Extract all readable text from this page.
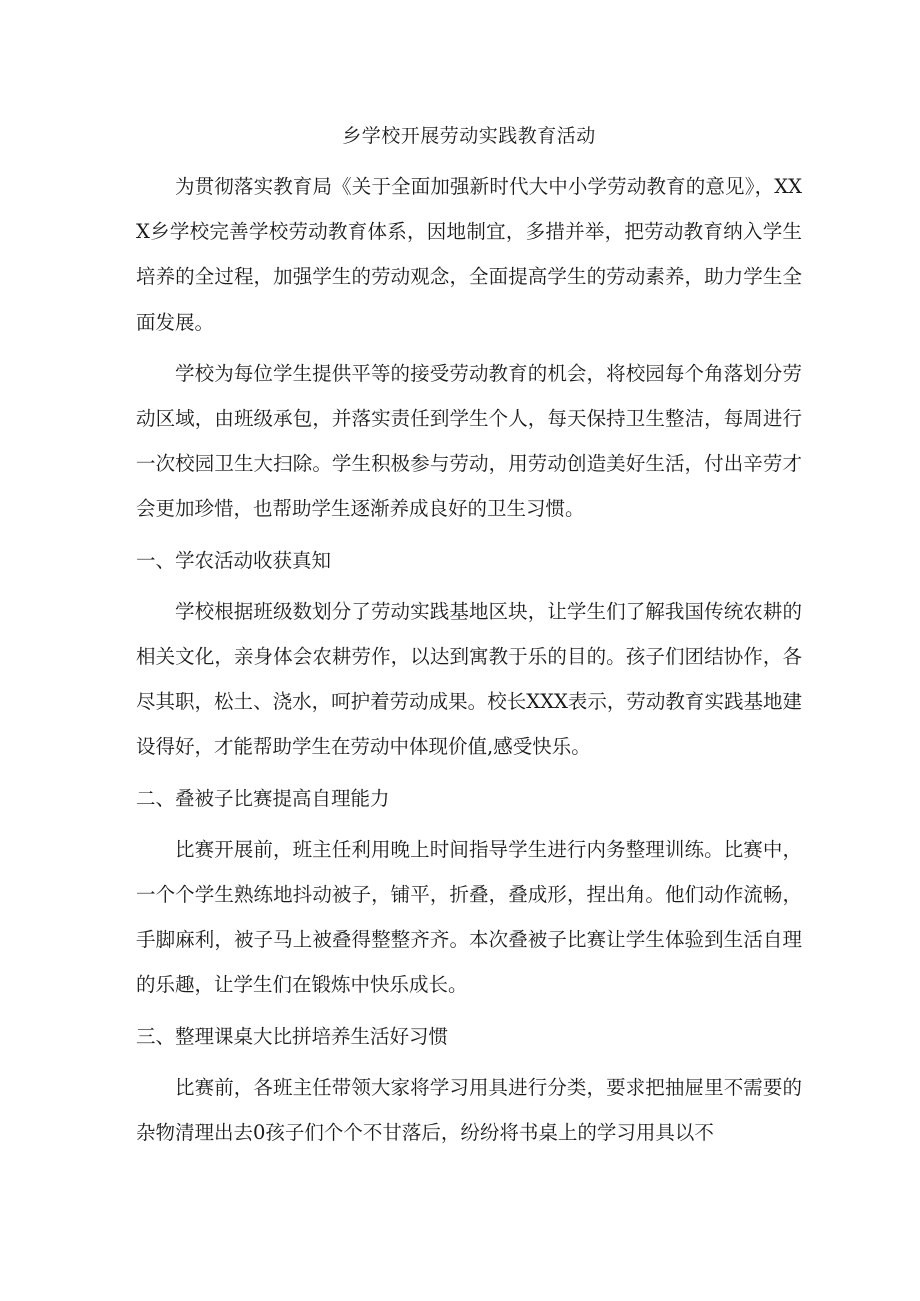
乡学校开展劳动实践教育活动

为贯彻落实教育局《关于全面加强新时代大中小学劳动教育的意见》，XXX乡学校完善学校劳动教育体系，因地制宜，多措并举，把劳动教育纳入学生培养的全过程，加强学生的劳动观念，全面提高学生的劳动素养，助力学生全面发展。

学校为每位学生提供平等的接受劳动教育的机会，将校园每个角落划分劳动区域，由班级承包，并落实责任到学生个人，每天保持卫生整洁，每周进行一次校园卫生大扫除。学生积极参与劳动，用劳动创造美好生活，付出辛劳才会更加珍惜，也帮助学生逐渐养成良好的卫生习惯。

一、学农活动收获真知

学校根据班级数划分了劳动实践基地区块，让学生们了解我国传统农耕的相关文化，亲身体会农耕劳作，以达到寓教于乐的目的。孩子们团结协作，各尽其职，松土、浇水，呵护着劳动成果。校长XXX表示，劳动教育实践基地建设得好，才能帮助学生在劳动中体现价值,感受快乐。

二、叠被子比赛提高自理能力

比赛开展前，班主任利用晚上时间指导学生进行内务整理训练。比赛中，一个个学生熟练地抖动被子，铺平，折叠，叠成形，捏出角。他们动作流畅，手脚麻利，被子马上被叠得整整齐齐。本次叠被子比赛让学生体验到生活自理的乐趣，让学生们在锻炼中快乐成长。

三、整理课桌大比拼培养生活好习惯

比赛前，各班主任带领大家将学习用具进行分类，要求把抽屉里不需要的杂物清理出去0孩子们个个不甘落后，纷纷将书桌上的学习用具以不
